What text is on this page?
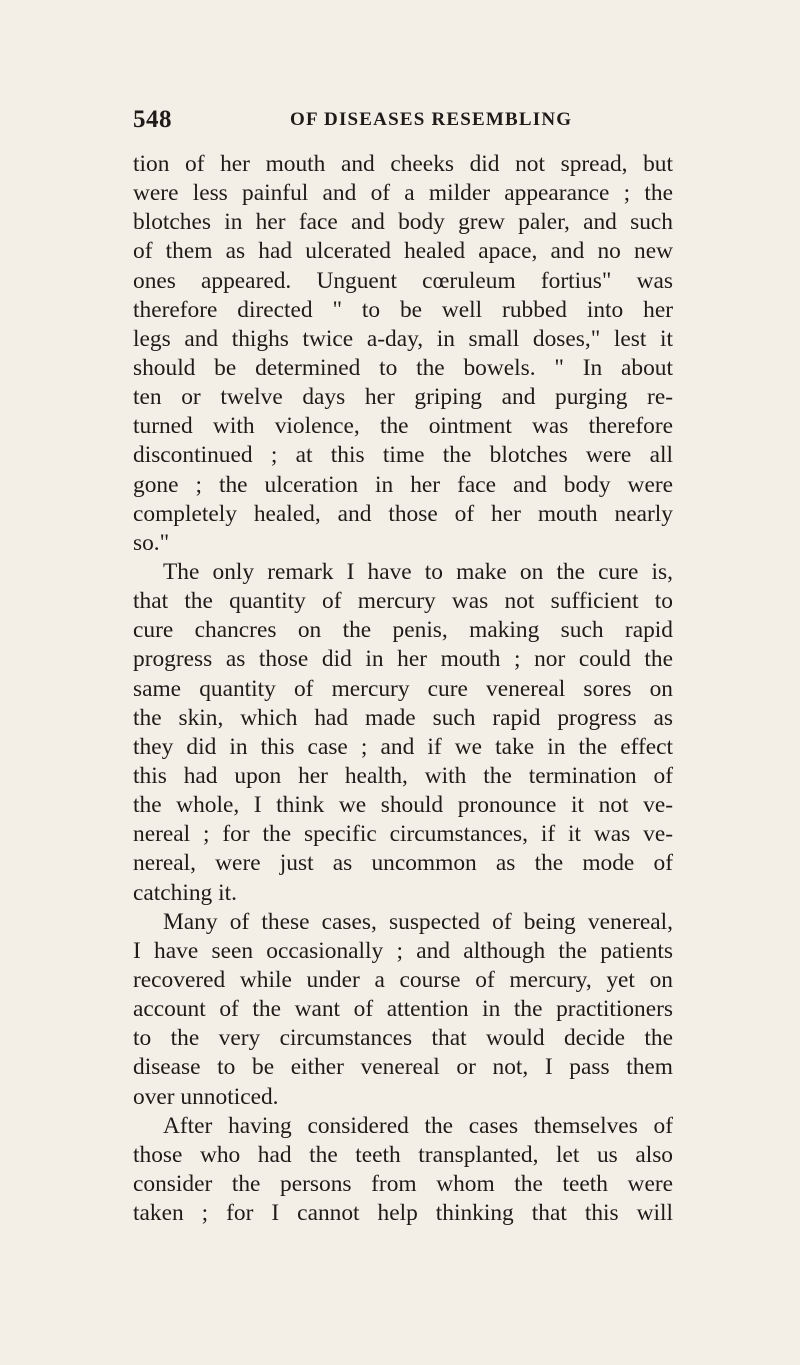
548	OF DISEASES RESEMBLING
tion of her mouth and cheeks did not spread, but
were less painful and of a milder appearance ; the
blotches in her face and body grew paler, and such
of them as had ulcerated healed apace, and no new
ones appeared. Unguent cœruleum fortius" was
therefore directed " to be well rubbed into her
legs and thighs twice a-day, in small doses," lest it
should be determined to the bowels. " In about
ten or twelve days her griping and purging re-
turned with violence, the ointment was therefore
discontinued ; at this time the blotches were all
gone ; the ulceration in her face and body were
completely healed, and those of her mouth nearly
so."
The only remark I have to make on the cure is,
that the quantity of mercury was not sufficient to
cure chancres on the penis, making such rapid
progress as those did in her mouth ; nor could the
same quantity of mercury cure venereal sores on
the skin, which had made such rapid progress as
they did in this case ; and if we take in the effect
this had upon her health, with the termination of
the whole, I think we should pronounce it not ve-
nereal ; for the specific circumstances, if it was ve-
nereal, were just as uncommon as the mode of
catching it.
Many of these cases, suspected of being venereal,
I have seen occasionally ; and although the patients
recovered while under a course of mercury, yet on
account of the want of attention in the practitioners
to the very circumstances that would decide the
disease to be either venereal or not, I pass them
over unnoticed.
After having considered the cases themselves of
those who had the teeth transplanted, let us also
consider the persons from whom the teeth were
taken ; for I cannot help thinking that this will
